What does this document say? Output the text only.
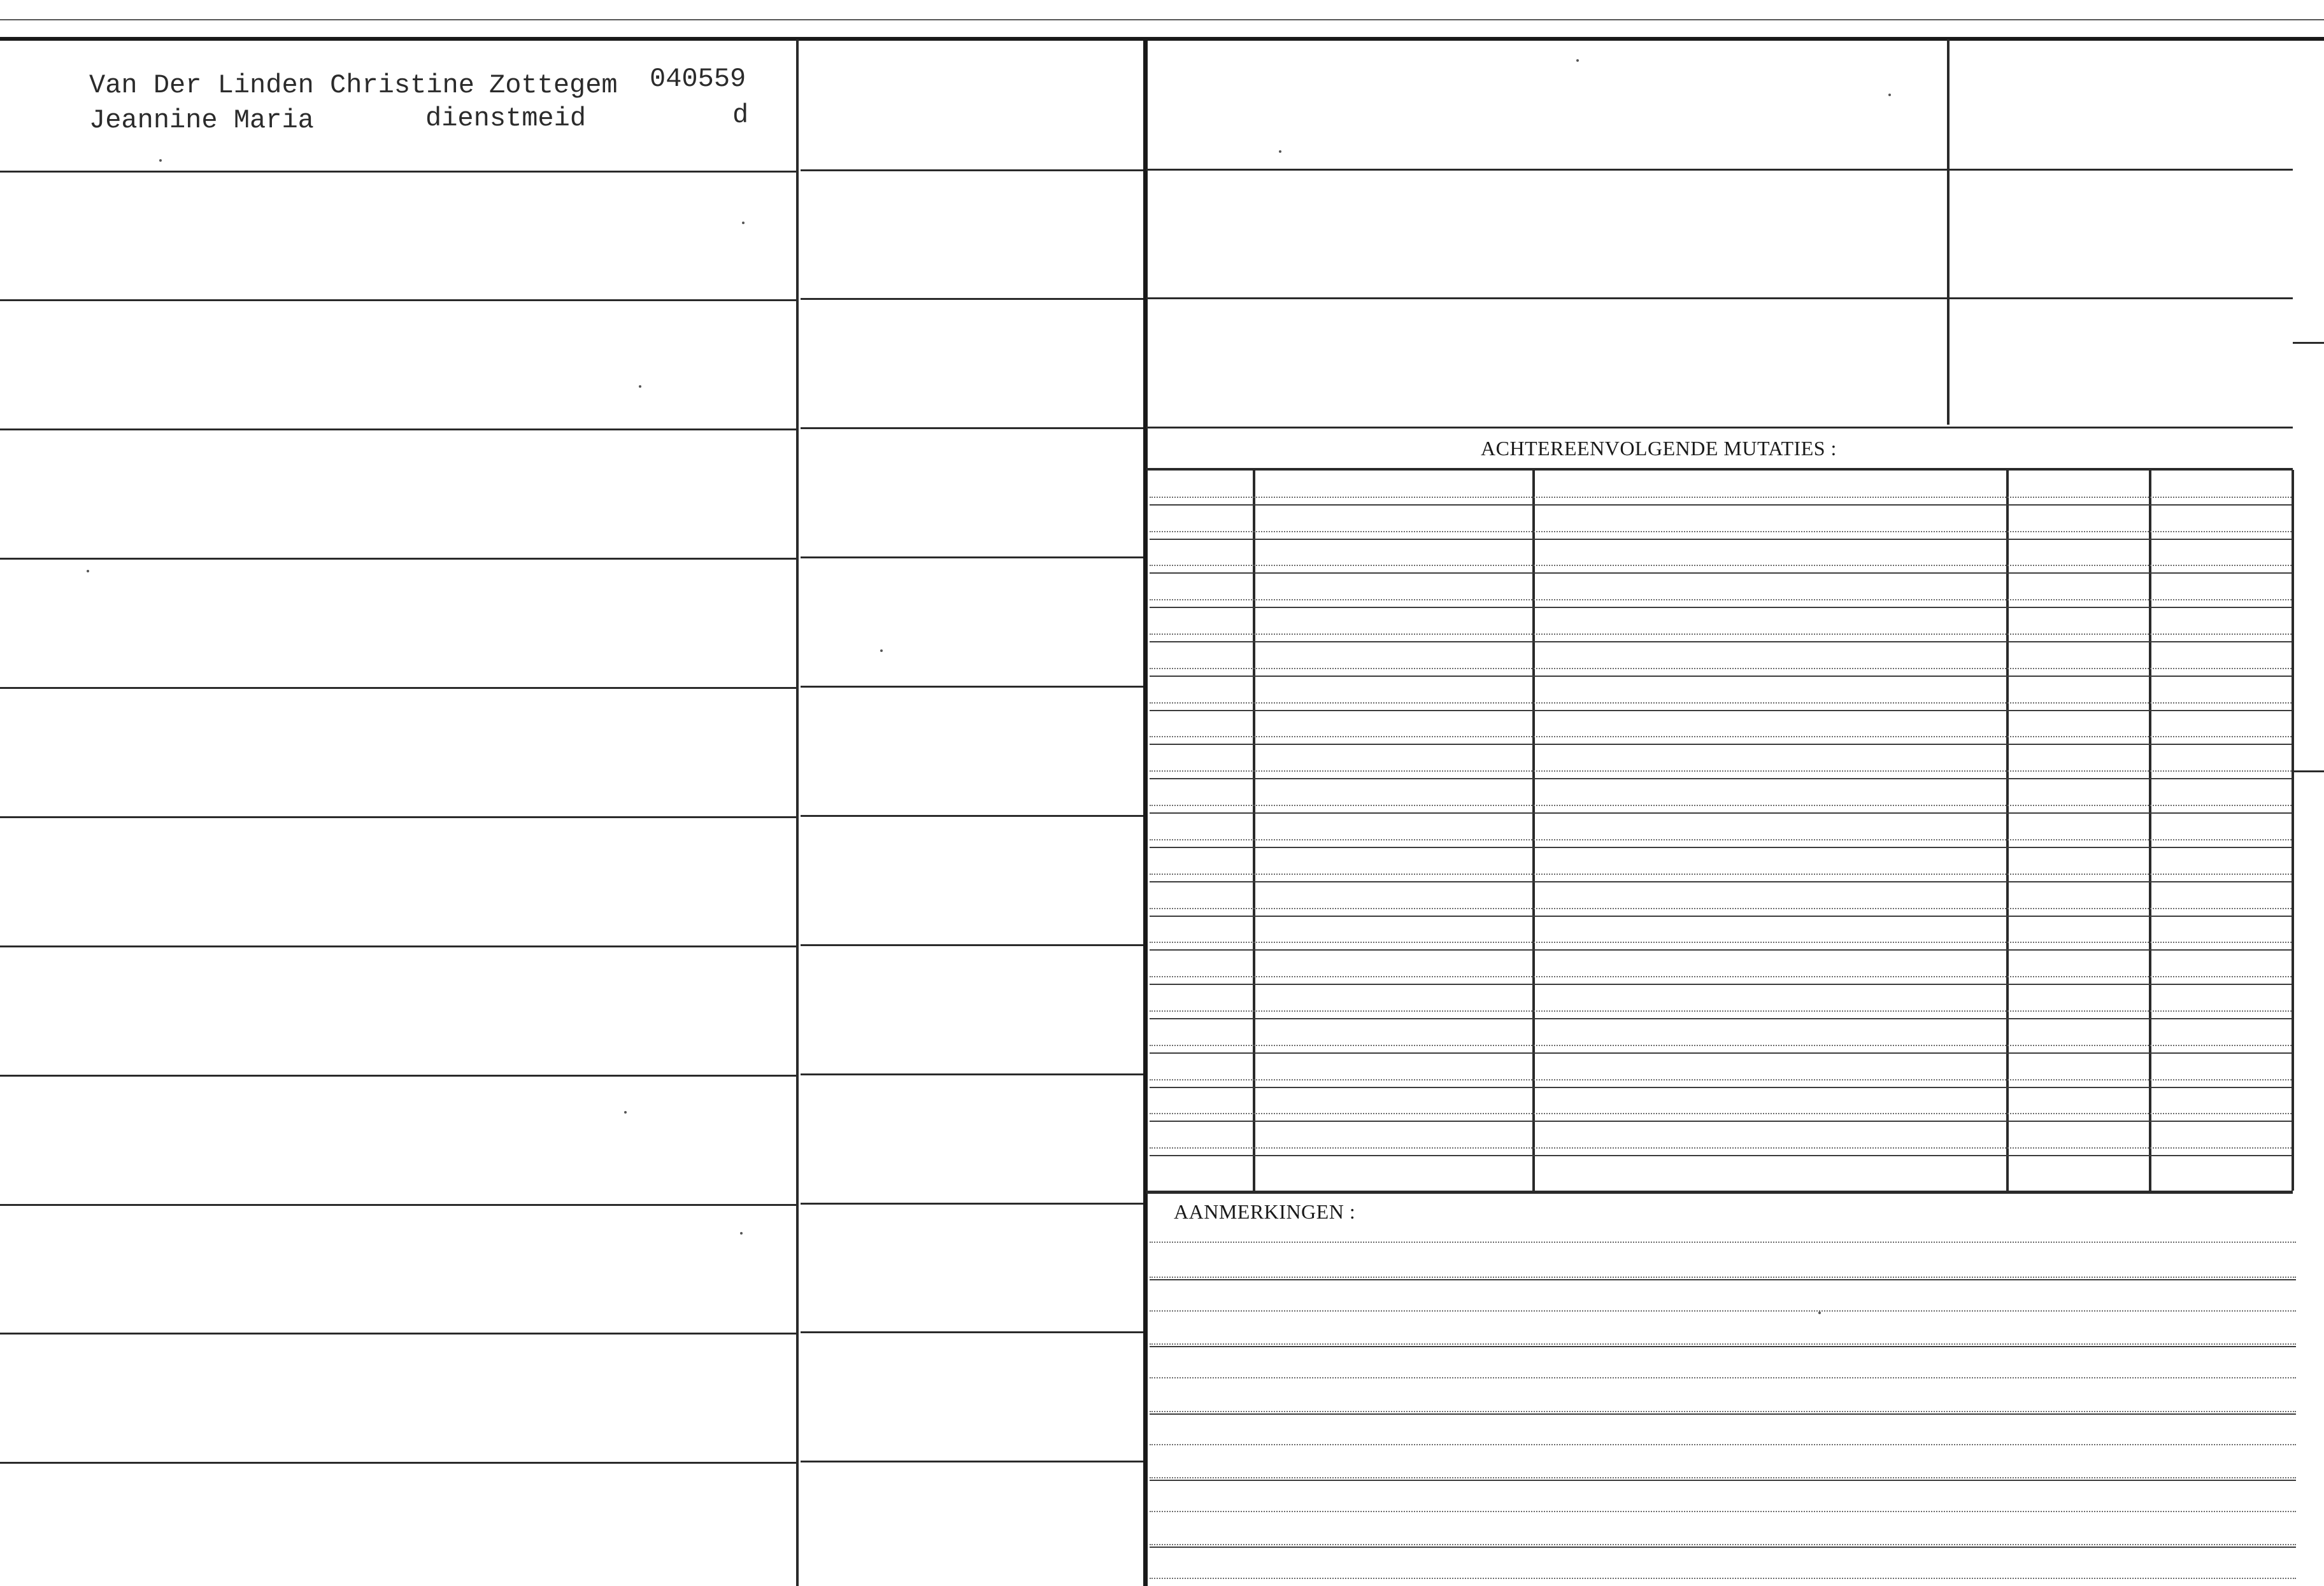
Van Der Linden Christine Zottegem 040559
Jeannine Maria	dienstmeid	d
ACHTEREENVOLGENDE MUTATIES :
AANMERKINGEN :
